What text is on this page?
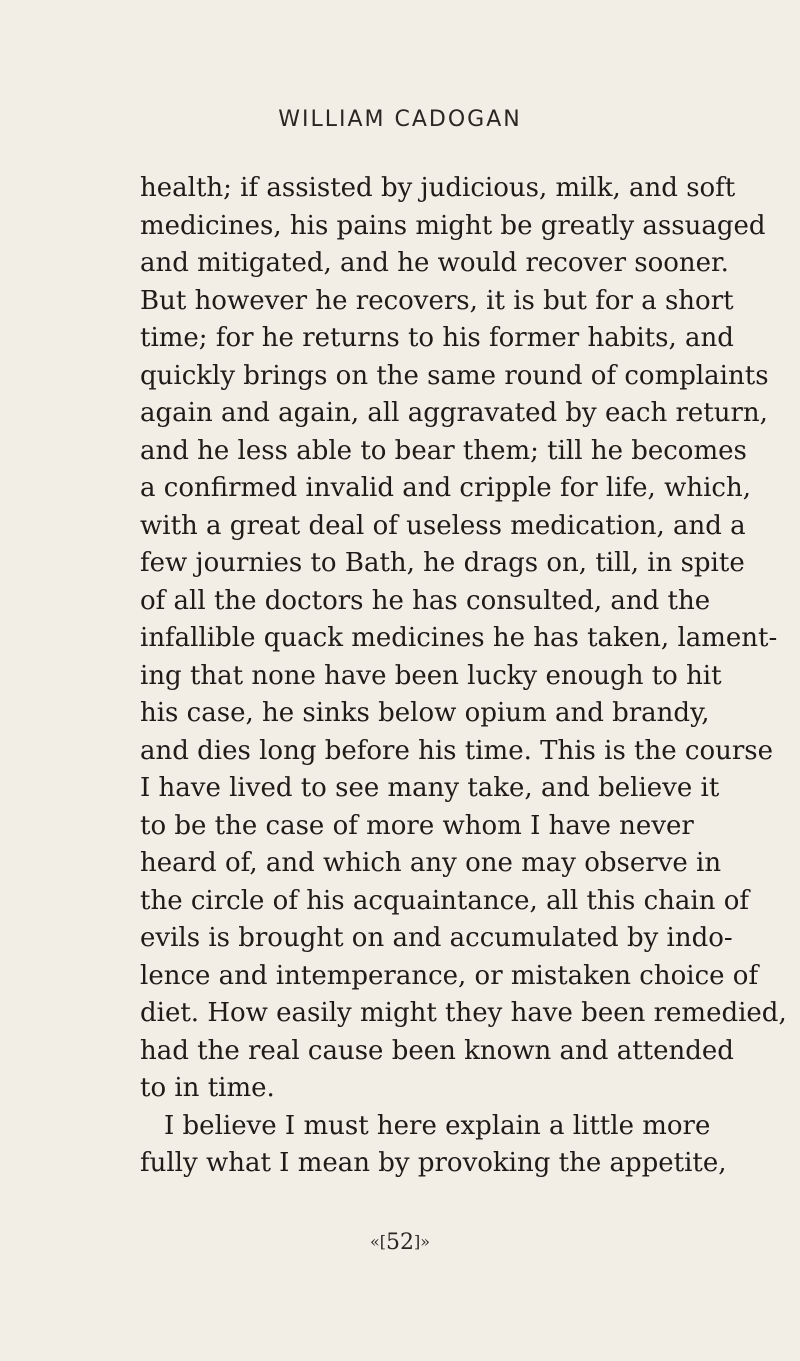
WILLIAM CADOGAN
health; if assisted by judicious, milk, and soft
medicines, his pains might be greatly assuaged
and mitigated, and he would recover sooner.
But however he recovers, it is but for a short
time; for he returns to his former habits, and
quickly brings on the same round of complaints
again and again, all aggravated by each return,
and he less able to bear them; till he becomes
a confirmed invalid and cripple for life, which,
with a great deal of useless medication, and a
few journies to Bath, he drags on, till, in spite
of all the doctors he has consulted, and the
infallible quack medicines he has taken, lament-
ing that none have been lucky enough to hit
his case, he sinks below opium and brandy,
and dies long before his time. This is the course
I have lived to see many take, and believe it
to be the case of more whom I have never
heard of, and which any one may observe in
the circle of his acquaintance, all this chain of
evils is brought on and accumulated by indo-
lence and intemperance, or mistaken choice of
diet. How easily might they have been remedied,
had the real cause been known and attended
to in time.
I believe I must here explain a little more
fully what I mean by provoking the appetite,
«[52]»
